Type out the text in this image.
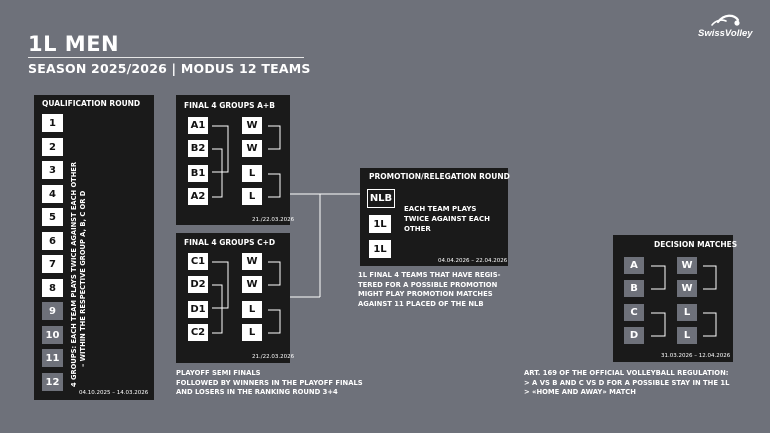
1L MEN
SEASON 2025/2026 | MODUS 12 TEAMS
SwissVolley
QUALIFICATION ROUND
1
2
3
4
5
6
7
8
9
10
11
12	4 GROUPS: EACH TEAM PLAYS TWICE AGAINST EACH OTHER – WITHIN THE RESPECTIVE GROUP A, B, C OR D
04.10.2025 – 14.03.2026
FINAL 4 GROUPS A+B
A1
B2
B1
A2
W
W
L
L
21./22.03.2026
FINAL 4 GROUPS C+D
C1
D2
D1
C2
W
W
L
L
21./22.03.2026
PLAYOFF SEMI FINALS
FOLLOWED BY WINNERS IN THE PLAYOFF FINALS
AND LOSERS IN THE RANKING ROUND 3+4
PROMOTION/RELEGATION ROUND
NLB
1L
1L
EACH TEAM PLAYS
TWICE AGAINST EACH
OTHER
04.04.2026 – 22.04.2026
1L FINAL 4 TEAMS THAT HAVE REGIS-
TERED FOR A POSSIBLE PROMOTION
MIGHT PLAY PROMOTION MATCHES
AGAINST 11 PLACED OF THE NLB
DECISION MATCHES
A
B
C
D
W
W
L
L
31.03.2026 – 12.04.2026
ART. 169 OF THE OFFICIAL VOLLEYBALL REGULATION:
> A VS B AND C VS D FOR A POSSIBLE STAY IN THE 1L
> «HOME AND AWAY» MATCH
